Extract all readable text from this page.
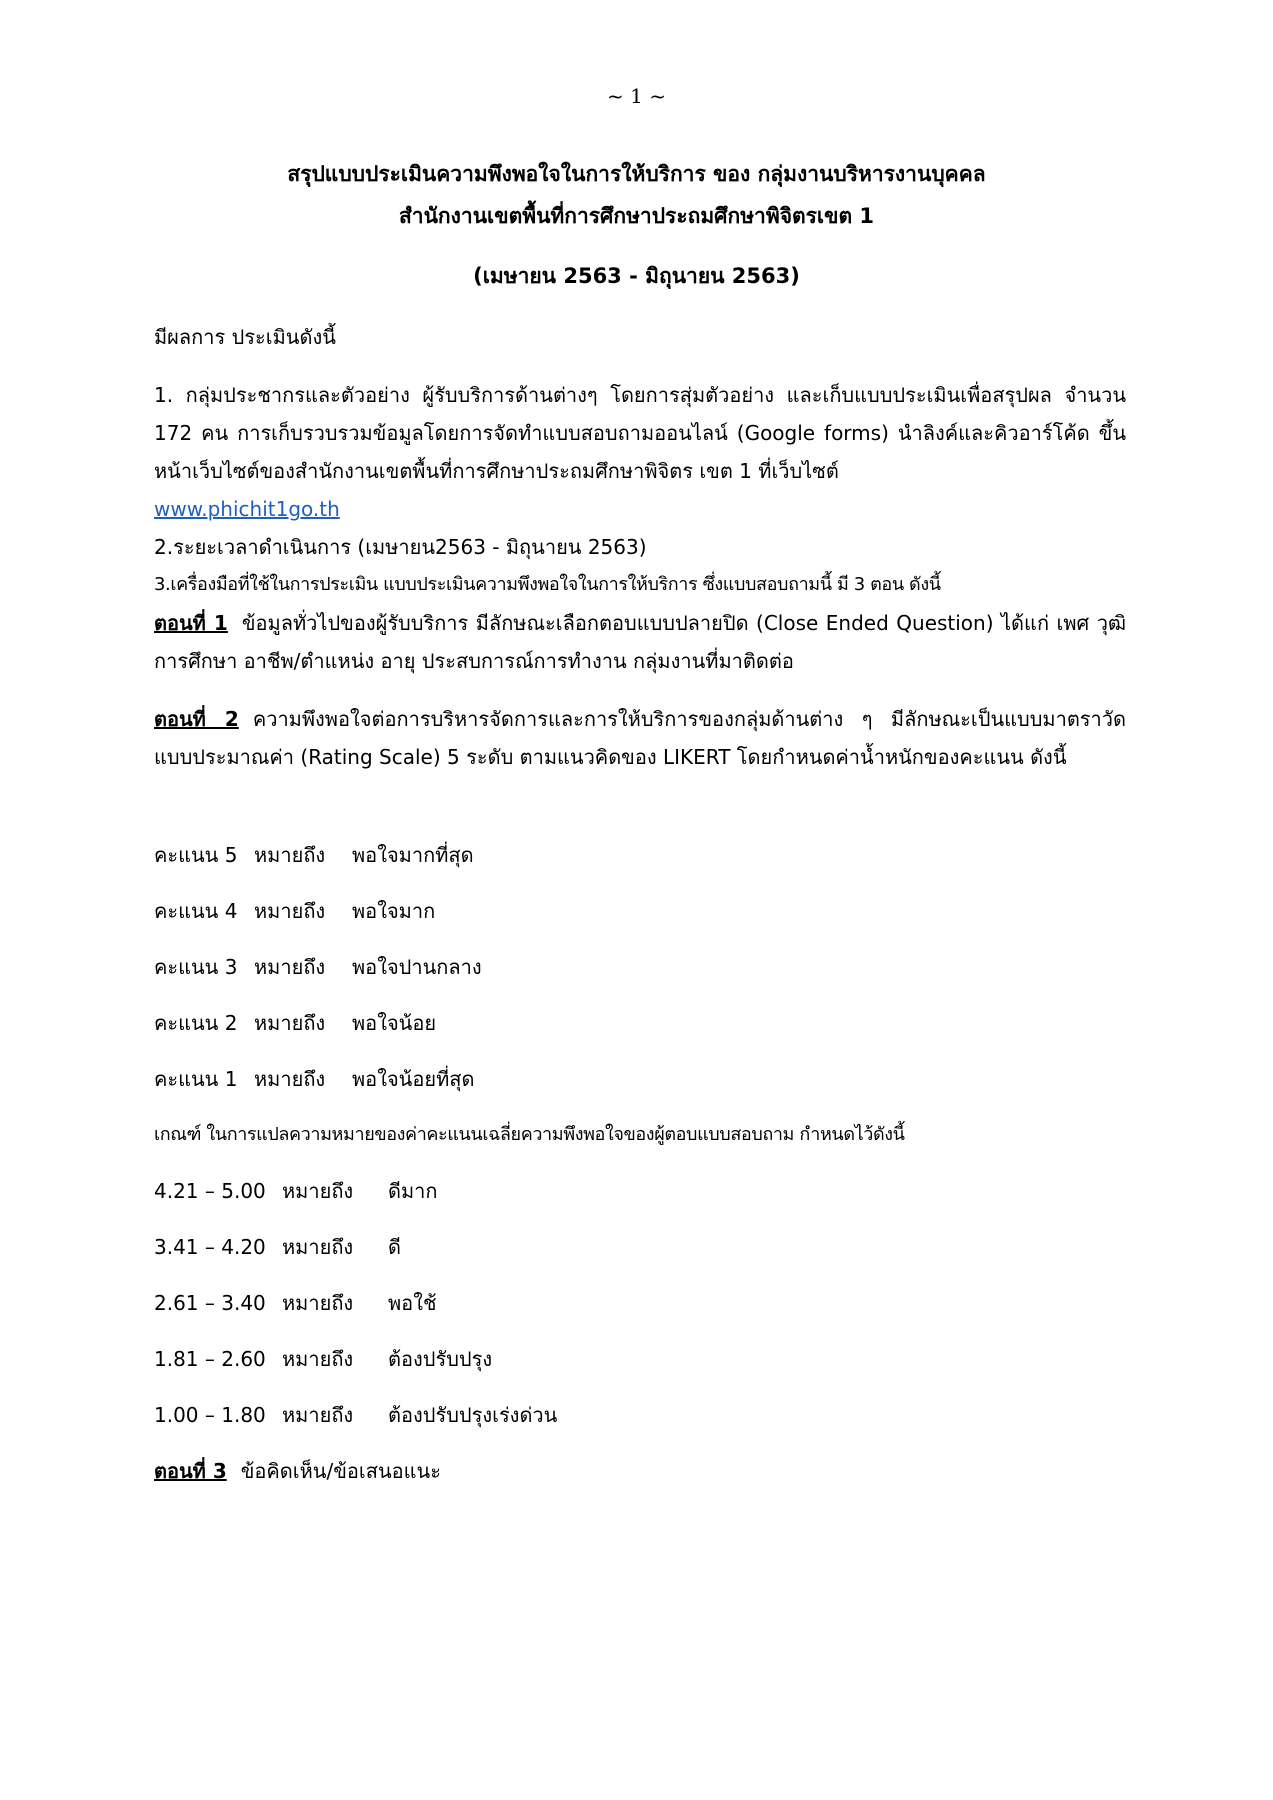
~ 1 ~
สรุปแบบประเมินความพึงพอใจในการให้บริการ ของ กลุ่มงานบริหารงานบุคคล
สำนักงานเขตพื้นที่การศึกษาประถมศึกษาพิจิตรเขต 1
(เมษายน 2563 - มิถุนายน 2563)
มีผลการ ประเมินดังนี้
1. กลุ่มประชากรและตัวอย่าง ผู้รับบริการด้านต่างๆ โดยการสุ่มตัวอย่าง และเก็บแบบประเมินเพื่อสรุปผล จำนวน 172 คน การเก็บรวบรวมข้อมูลโดยการจัดทำแบบสอบถามออนไลน์ (Google forms) นำลิงค์และคิวอาร์โค้ด ขึ้นหน้าเว็บไซต์ของสำนักงานเขตพื้นที่การศึกษาประถมศึกษาพิจิตร เขต 1 ที่เว็บไซต์
www.phichit1go.th
2.ระยะเวลาดำเนินการ (เมษายน2563 - มิถุนายน 2563)
3.เครื่องมือที่ใช้ในการประเมิน แบบประเมินความพึงพอใจในการให้บริการ ซึ่งแบบสอบถามนี้ มี 3 ตอน ดังนี้
ตอนที่ 1 ข้อมูลทั่วไปของผู้รับบริการ มีลักษณะเลือกตอบแบบปลายปิด (Close Ended Question) ได้แก่ เพศ วุฒิการศึกษา อาชีพ/ตำแหน่ง อายุ ประสบการณ์การทำงาน กลุ่มงานที่มาติดต่อ
ตอนที่ 2 ความพึงพอใจต่อการบริหารจัดการและการให้บริการของกลุ่มด้านต่าง ๆ มีลักษณะเป็นแบบมาตราวัดแบบประมาณค่า (Rating Scale) 5 ระดับ ตามแนวคิดของ LIKERT โดยกำหนดค่าน้ำหนักของคะแนน ดังนี้
คะแนน 5 หมายถึง พอใจมากที่สุด
คะแนน 4 หมายถึง พอใจมาก
คะแนน 3 หมายถึง พอใจปานกลาง
คะแนน 2 หมายถึง พอใจน้อย
คะแนน 1 หมายถึง พอใจน้อยที่สุด
เกณฑ์ ในการแปลความหมายของค่าคะแนนเฉลี่ยความพึงพอใจของผู้ตอบแบบสอบถาม กำหนดไว้ดังนี้
4.21 – 5.00 หมายถึง ดีมาก
3.41 – 4.20 หมายถึง ดี
2.61 – 3.40 หมายถึง พอใช้
1.81 – 2.60 หมายถึง ต้องปรับปรุง
1.00 – 1.80 หมายถึง ต้องปรับปรุงเร่งด่วน
ตอนที่ 3 ข้อคิดเห็น/ข้อเสนอแนะ
